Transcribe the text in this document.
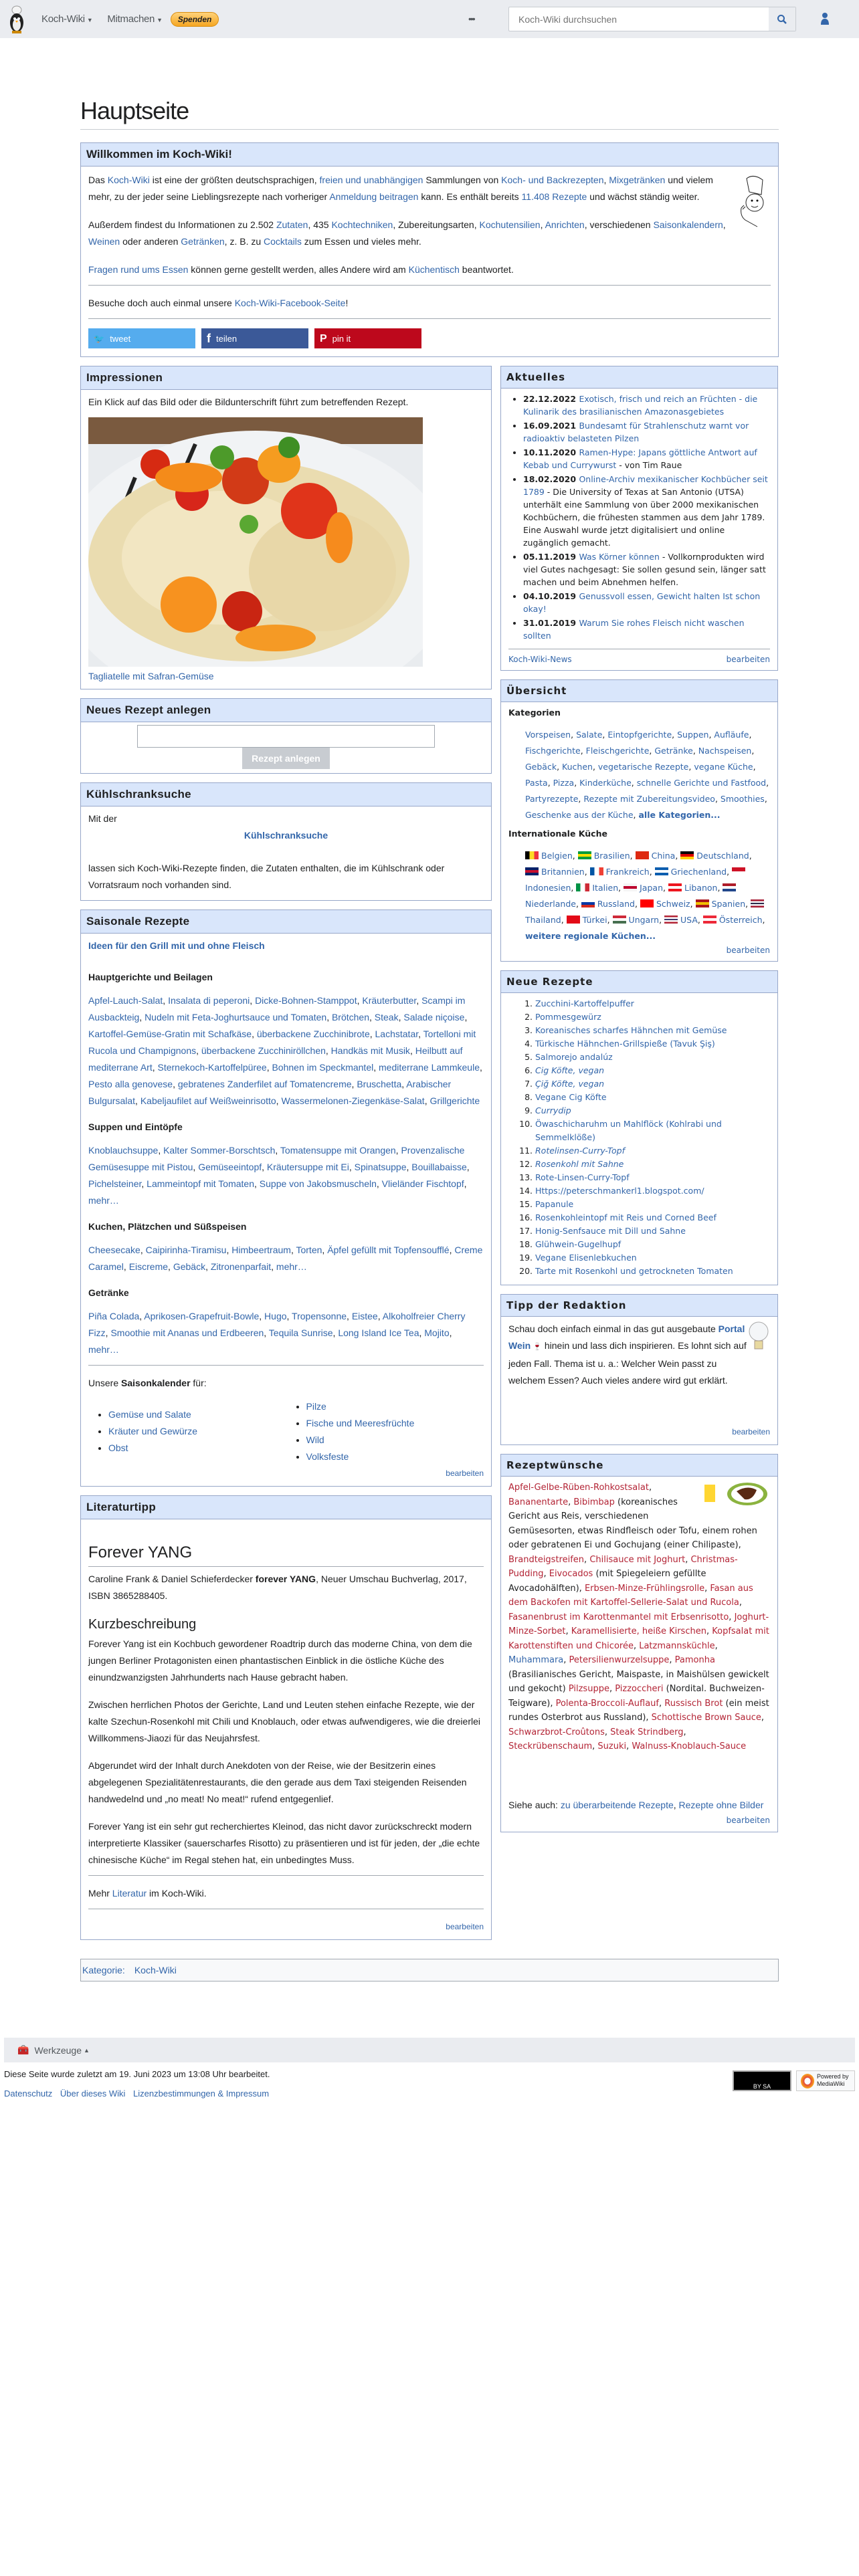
Koch-Wiki ▼ Mitmachen ▼	Spenden	•••
Koch-Wiki durchsuchen
Hauptseite
Willkommen im Koch-Wiki!

Das Koch-Wiki ist eine der größten deutschsprachigen, freien und unabhängigen Sammlungen von Koch- und Backrezepten, Mixgetränken und vielem mehr, zu der jeder seine Lieblingsrezepte nach vorheriger Anmeldung beitragen kann. Es enthält bereits 11.408 Rezepte und wächst ständig weiter.

Außerdem findest du Informationen zu 2.502 Zutaten, 435 Kochtechniken, Zubereitungsarten, Kochutensilien, Anrichten, verschiedenen Saisonkalendern, Weinen oder anderen Getränken, z. B. zu Cocktails zum Essen und vieles mehr.

Fragen rund ums Essen können gerne gestellt werden, alles Andere wird am Küchentisch beantwortet.

Besuche doch auch einmal unsere Koch-Wiki-Facebook-Seite!

🐦 tweet	f teilen	P pin it
Impressionen
Ein Klick auf das Bild oder die Bildunterschrift führt zum betreffenden Rezept.
Tagliatelle mit Safran-Gemüse
Neues Rezept anlegen
Rezept anlegen
Kühlschranksuche
Mit der
Kühlschranksuche
lassen sich Koch-Wiki-Rezepte finden, die Zutaten enthalten, die im Kühlschrank oder Vorratsraum noch vorhanden sind.
Saisonale Rezepte
Ideen für den Grill mit und ohne Fleisch
Hauptgerichte und Beilagen
Apfel-Lauch-Salat, Insalata di peperoni, Dicke-Bohnen-Stamppot, Kräuterbutter, Scampi im Ausbackteig, Nudeln mit Feta-Joghurtsauce und Tomaten, Brötchen, Steak, Salade niçoise, Kartoffel-Gemüse-Gratin mit Schafkäse, überbackene Zucchinibrote, Lachstatar, Tortelloni mit Rucola und Champignons, überbackene Zucchiniröllchen, Handkäs mit Musik, Heilbutt auf mediterrane Art, Sternekoch-Kartoffelpüree, Bohnen im Speckmantel, mediterrane Lammkeule, Pesto alla genovese, gebratenes Zanderfilet auf Tomatencreme, Bruschetta, Arabischer Bulgursalat, Kabeljaufilet auf Weißweinrisotto, Wassermelonen-Ziegenkäse-Salat, Grillgerichte
Suppen und Eintöpfe
Knoblauchsuppe, Kalter Sommer-Borschtsch, Tomatensuppe mit Orangen, Provenzalische Gemüsesuppe mit Pistou, Gemüseeintopf, Kräutersuppe mit Ei, Spinatsuppe, Bouillabaisse, Pichelsteiner, Lammeintopf mit Tomaten, Suppe von Jakobsmuscheln, Vlieländer Fischtopf, mehr…
Kuchen, Plätzchen und Süßspeisen
Cheesecake, Caipirinha-Tiramisu, Himbeertraum, Torten, Äpfel gefüllt mit Topfensoufflé, Creme Caramel, Eiscreme, Gebäck, Zitronenparfait, mehr…
Getränke
Piña Colada, Aprikosen-Grapefruit-Bowle, Hugo, Tropensonne, Eistee, Alkoholfreier Cherry Fizz, Smoothie mit Ananas und Erdbeeren, Tequila Sunrise, Long Island Ice Tea, Mojito, mehr…
Unsere Saisonkalender für:
• Gemüse und Salate
• Kräuter und Gewürze
• Obst
• Pilze
• Fische und Meeresfrüchte
• Wild
• Volksfeste
bearbeiten
Literaturtipp
Forever YANG

Caroline Frank & Daniel Schieferdecker forever YANG, Neuer Umschau Buchverlag, 2017, ISBN 3865288405.

Kurzbeschreibung

Forever Yang ist ein Kochbuch gewordener Roadtrip durch das moderne China, von dem die jungen Berliner Protagonisten einen phantastischen Einblick in die östliche Küche des einundzwanzigsten Jahrhunderts nach Hause gebracht haben.

Zwischen herrlichen Photos der Gerichte, Land und Leuten stehen einfache Rezepte, wie der kalte Szechun-Rosenkohl mit Chili und Knoblauch, oder etwas aufwendigeres, wie die dreierlei Willkommens-Jiaozi für das Neujahrsfest.

Abgerundet wird der Inhalt durch Anekdoten von der Reise, wie der Besitzerin eines abgelegenen Spezialitätenrestaurants, die den gerade aus dem Taxi steigenden Reisenden handwedelnd und „no meat! No meat!“ rufend entgegenlief.

Forever Yang ist ein sehr gut recherchiertes Kleinod, das nicht davor zurückschreckt modern interpretierte Klassiker (sauerscharfes Risotto) zu präsentieren und ist für jeden, der „die echte chinesische Küche“ im Regal stehen hat, ein unbedingtes Muss.

Mehr Literatur im Koch-Wiki.

bearbeiten
Aktuelles
• 22.12.2022 Exotisch, frisch und reich an Früchten - die Kulinarik des brasilianischen Amazonasgebietes
• 16.09.2021 Bundesamt für Strahlenschutz warnt vor radioaktiv belasteten Pilzen
• 10.11.2020 Ramen-Hype: Japans göttliche Antwort auf Kebab und Currywurst - von Tim Raue
• 18.02.2020 Online-Archiv mexikanischer Kochbücher seit 1789 - Die University of Texas at San Antonio (UTSA) unterhält eine Sammlung von über 2000 mexikanischen Kochbüchern, die frühesten stammen aus dem Jahr 1789. Eine Auswahl wurde jetzt digitalisiert und online zugänglich gemacht.
• 05.11.2019 Was Körner können - Vollkornprodukten wird viel Gutes nachgesagt: Sie sollen gesund sein, länger satt machen und beim Abnehmen helfen.
• 04.10.2019 Genussvoll essen, Gewicht halten Ist schon okay!
• 31.01.2019 Warum Sie rohes Fleisch nicht waschen sollten
Koch-Wiki-News	bearbeiten
Übersicht
Kategorien
Vorspeisen, Salate, Eintopfgerichte, Suppen, Aufläufe, Fischgerichte, Fleischgerichte, Getränke, Nachspeisen, Gebäck, Kuchen, vegetarische Rezepte, vegane Küche, Pasta, Pizza, Kinderküche, schnelle Gerichte und Fastfood, Partyrezepte, Rezepte mit Zubereitungsvideo, Smoothies, Geschenke aus der Küche, alle Kategorien...
Internationale Küche
Belgien, Brasilien, China, Deutschland, Britannien, Frankreich, Griechenland, Indonesien, Italien, Japan, Libanon, Niederlande, Russland, Schweiz, Spanien, Thailand, Türkei, Ungarn, USA, Österreich, weitere regionale Küchen...
bearbeiten
Neue Rezepte
1. Zucchini-Kartoffelpuffer
2. Pommesgewürz
3. Koreanisches scharfes Hähnchen mit Gemüse
4. Türkische Hähnchen-Grillspieße (Tavuk Şiş)
5. Salmorejo andalúz
6. Cig Köfte, vegan
7. Çiğ Köfte, vegan
8. Vegane Cig Köfte
9. Currydip
10. Öwaschicharuhm un Mahlflöck (Kohlrabi und Semmelklöße)
11. Rotelinsen-Curry-Topf
12. Rosenkohl mit Sahne
13. Rote-Linsen-Curry-Topf
14. Https://peterschmankerl1.blogspot.com/
15. Papanule
16. Rosenkohleintopf mit Reis und Corned Beef
17. Honig-Senfsauce mit Dill und Sahne
18. Glühwein-Gugelhupf
19. Vegane Elisenlebkuchen
20. Tarte mit Rosenkohl und getrockneten Tomaten
Tipp der Redaktion
Schau doch einfach einmal in das gut ausgebaute Portal Wein 🍷 hinein und lass dich inspirieren. Es lohnt sich auf jeden Fall. Thema ist u. a.: Welcher Wein passt zu welchem Essen? Auch vieles andere wird gut erklärt.
bearbeiten
Rezeptwünsche
Apfel-Gelbe-Rüben-Rohkostsalat, Bananentarte, Bibimbap (koreanisches Gericht aus Reis, verschiedenen Gemüsesorten, etwas Rindfleisch oder Tofu, einem rohen oder gebratenen Ei und Gochujang (einer Chilipaste), Brandteigstreifen, Chilisauce mit Joghurt, Christmas-Pudding, Eivocados (mit Spiegeleiern gefüllte Avocadohälften), Erbsen-Minze-Frühlingsrolle, Fasan aus dem Backofen mit Kartoffel-Sellerie-Salat und Rucola, Fasanenbrust im Karottenmantel mit Erbsenrisotto, Joghurt-Minze-Sorbet, Karamellisierte, heiße Kirschen, Kopfsalat mit Karottenstiften und Chicorée, Latzmannsküchle, Muhammara, Petersilienwurzelsuppe, Pamonha (Brasilianisches Gericht, Maispaste, in Maishülsen gewickelt und gekocht) Pilzsuppe, Pizzoccheri (Nordital. Buchweizen-Teigware), Polenta-Broccoli-Auflauf, Russisch Brot (ein meist rundes Osterbrot aus Russland), Schottische Brown Sauce, Schwarzbrot-Croûtons, Steak Strindberg, Steckrübenschaum, Suzuki, Walnuss-Knoblauch-Sauce
Siehe auch: zu überarbeitende Rezepte, Rezepte ohne Bilder
bearbeiten
Kategorie: Koch-Wiki
🧰 Werkzeuge ▲
Diese Seite wurde zuletzt am 19. Juni 2023 um 13:08 Uhr bearbeitet.
Datenschutz Über dieses Wiki Lizenzbestimmungen & Impressum
BY SA
Powered by MediaWiki
